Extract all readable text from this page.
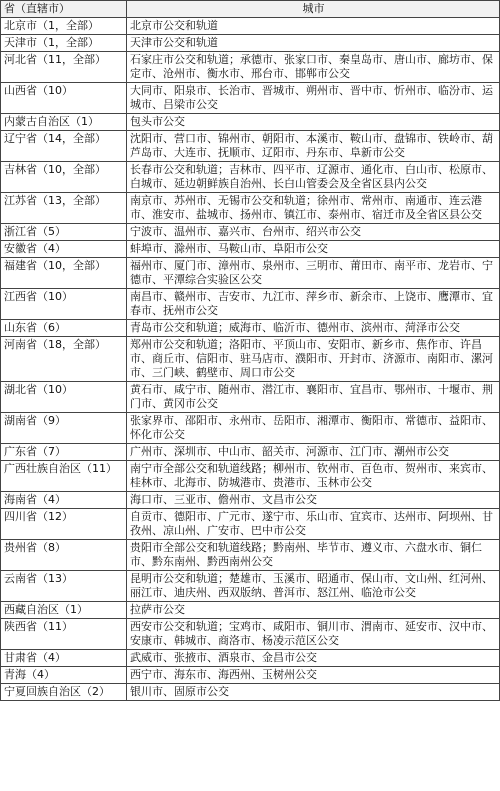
省（直辖市）	城市
北京市（1，全部）	北京市公交和轨道
天津市（1，全部）	天津市公交和轨道
河北省（11，全部）	石家庄市公交和轨道；承德市、张家口市、秦皇岛市、唐山市、廊坊市、保定市、沧州市、衡水市、邢台市、邯郸市公交
山西省（10）	大同市、阳泉市、长治市、晋城市、朔州市、晋中市、忻州市、临汾市、运城市、吕梁市公交
内蒙古自治区（1）	包头市公交
辽宁省（14，全部）	沈阳市、营口市、锦州市、朝阳市、本溪市、鞍山市、盘锦市、铁岭市、葫芦岛市、大连市、抚顺市、辽阳市、丹东市、阜新市公交
吉林省（10，全部）	长春市公交和轨道；吉林市、四平市、辽源市、通化市、白山市、松原市、白城市、延边朝鲜族自治州、长白山管委会及全省区县内公交
江苏省（13，全部）	南京市、苏州市、无锡市公交和轨道；徐州市、常州市、南通市、连云港市、淮安市、盐城市、扬州市、镇江市、泰州市、宿迁市及全省区县公交
浙江省（5）	宁波市、温州市、嘉兴市、台州市、绍兴市公交
安徽省（4）	蚌埠市、滁州市、马鞍山市、阜阳市公交
福建省（10，全部）	福州市、厦门市、漳州市、泉州市、三明市、莆田市、南平市、龙岩市、宁德市、平潭综合实验区公交
江西省（10）	南昌市、赣州市、吉安市、九江市、萍乡市、新余市、上饶市、鹰潭市、宜春市、抚州市公交
山东省（6）	青岛市公交和轨道；威海市、临沂市、德州市、滨州市、菏泽市公交
河南省（18，全部）	郑州市公交和轨道；洛阳市、平顶山市、安阳市、新乡市、焦作市、许昌市、商丘市、信阳市、驻马店市、濮阳市、开封市、济源市、南阳市、漯河市、三门峡、鹤壁市、周口市公交
湖北省（10）	黄石市、咸宁市、随州市、潜江市、襄阳市、宜昌市、鄂州市、十堰市、荆门市、黄冈市公交
湖南省（9）	张家界市、邵阳市、永州市、岳阳市、湘潭市、衡阳市、常德市、益阳市、怀化市公交
广东省（7）	广州市、深圳市、中山市、韶关市、河源市、江门市、潮州市公交
广西壮族自治区（11）	南宁市全部公交和轨道线路；柳州市、钦州市、百色市、贺州市、来宾市、桂林市、北海市、防城港市、贵港市、玉林市公交
海南省（4）	海口市、三亚市、儋州市、文昌市公交
四川省（12）	自贡市、德阳市、广元市、遂宁市、乐山市、宜宾市、达州市、阿坝州、甘孜州、凉山州、广安市、巴中市公交
贵州省（8）	贵阳市全部公交和轨道线路；黔南州、毕节市、遵义市、六盘水市、铜仁市、黔东南州、黔西南州公交
云南省（13）	昆明市公交和轨道；楚雄市、玉溪市、昭通市、保山市、文山州、红河州、丽江市、迪庆州、西双版纳、普洱市、怒江州、临沧市公交
西藏自治区（1）	拉萨市公交
陕西省（11）	西安市公交和轨道；宝鸡市、咸阳市、铜川市、渭南市、延安市、汉中市、安康市、韩城市、商洛市、杨凌示范区公交
甘肃省（4）	武威市、张掖市、酒泉市、金昌市公交
青海（4）	西宁市、海东市、海西州、玉树州公交
宁夏回族自治区（2）	银川市、固原市公交
